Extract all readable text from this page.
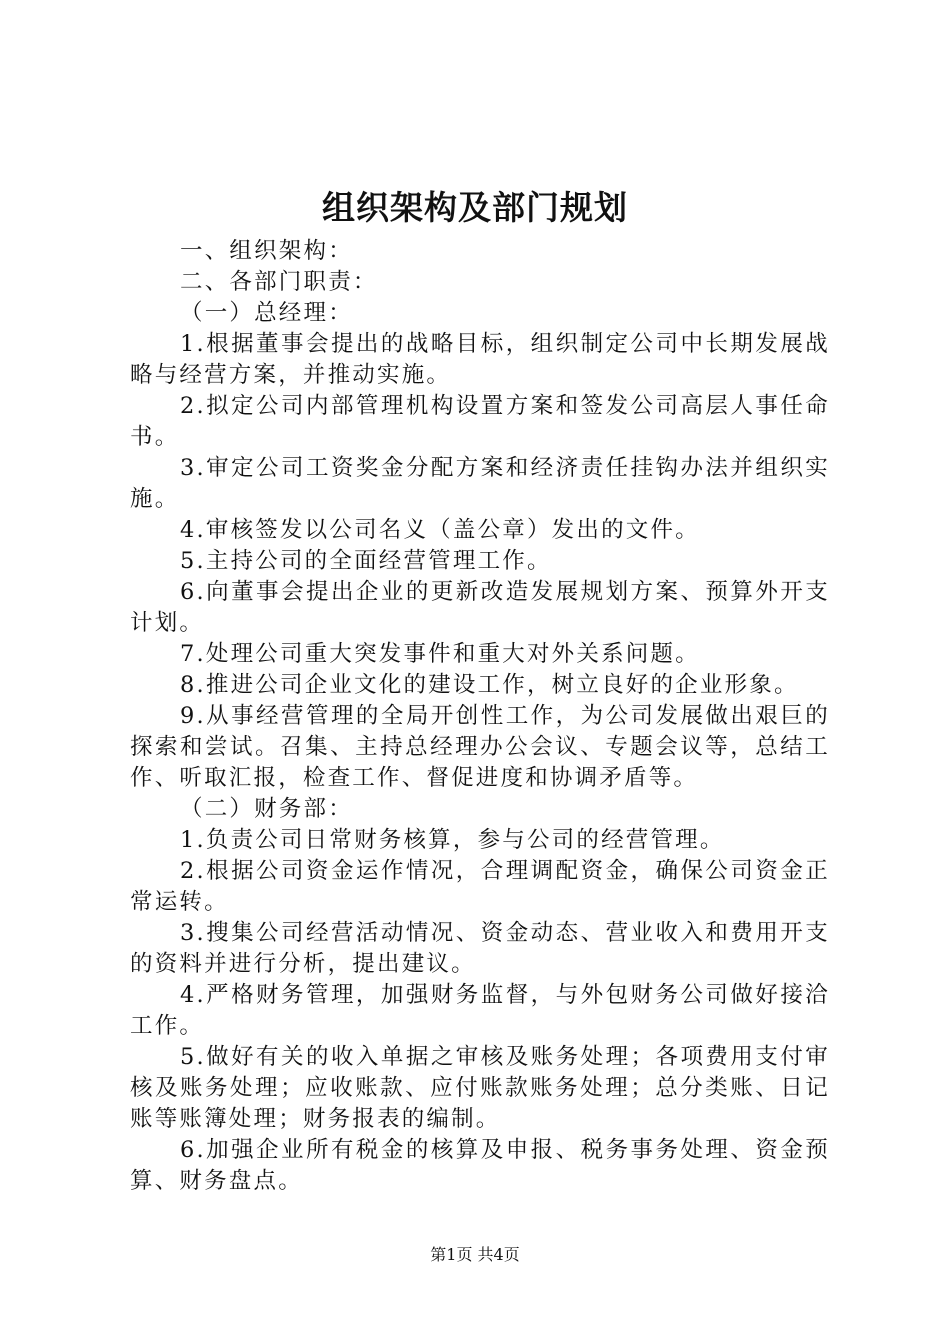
组织架构及部门规划

一、组织架构：

二、各部门职责：

（一）总经理：

1.根据董事会提出的战略目标，组织制定公司中长期发展战略与经营方案，并推动实施。

2.拟定公司内部管理机构设置方案和签发公司高层人事任命书。

3.审定公司工资奖金分配方案和经济责任挂钩办法并组织实施。

4.审核签发以公司名义（盖公章）发出的文件。

5.主持公司的全面经营管理工作。

6.向董事会提出企业的更新改造发展规划方案、预算外开支计划。

7.处理公司重大突发事件和重大对外关系问题。

8.推进公司企业文化的建设工作，树立良好的企业形象。

9.从事经营管理的全局开创性工作，为公司发展做出艰巨的探索和尝试。召集、主持总经理办公会议、专题会议等，总结工作、听取汇报，检查工作、督促进度和协调矛盾等。

（二）财务部：

1.负责公司日常财务核算，参与公司的经营管理。

2.根据公司资金运作情况，合理调配资金，确保公司资金正常运转。

3.搜集公司经营活动情况、资金动态、营业收入和费用开支的资料并进行分析，提出建议。

4.严格财务管理，加强财务监督，与外包财务公司做好接洽工作。

5.做好有关的收入单据之审核及账务处理；各项费用支付审核及账务处理；应收账款、应付账款账务处理；总分类账、日记账等账簿处理；财务报表的编制。

6.加强企业所有税金的核算及申报、税务事务处理、资金预算、财务盘点。

第1页 共4页
